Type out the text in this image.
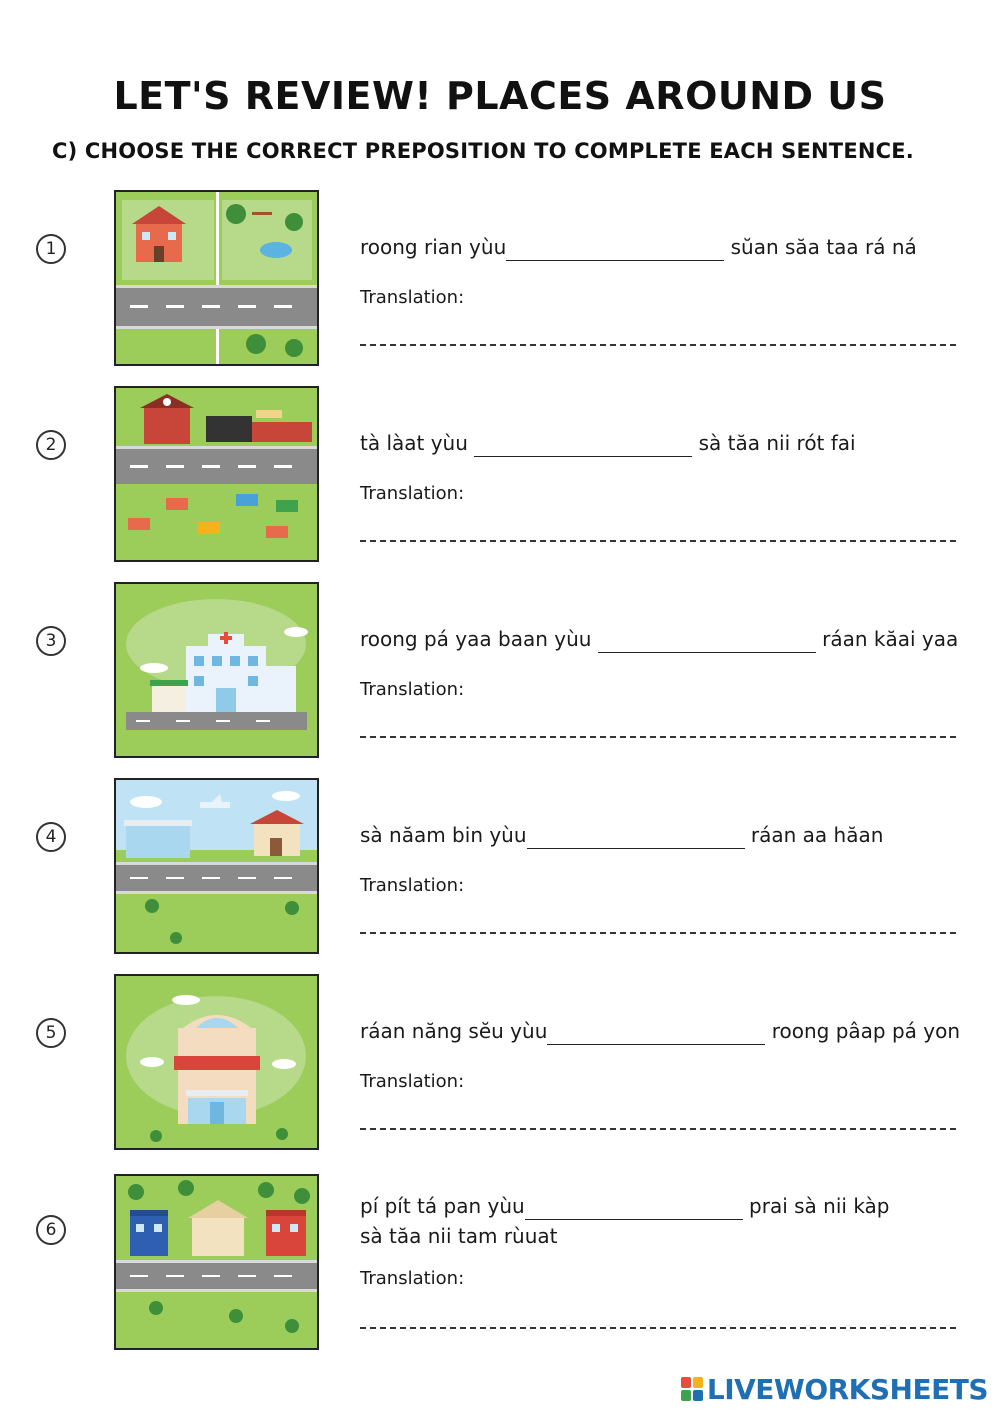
LET'S REVIEW! PLACES AROUND US
C) CHOOSE THE CORRECT PREPOSITION TO COMPLETE EACH SENTENCE.
1	roong rian yùu	sŭan săa taa rá ná
Translation:
2	tà làat yùu	sà tăa nii rót fai
Translation:
3	roong pá yaa baan yùu	ráan kăai yaa
Translation:
4	sà năam bin yùu	ráan aa hăan
Translation:
5	ráan năng sĕu yùu	roong pâap pá yon
Translation:
6
pí pít tá pan yùu	prai sà nii kàp
sà tăa nii tam rùuat
Translation:
LIVEWORKSHEETS
